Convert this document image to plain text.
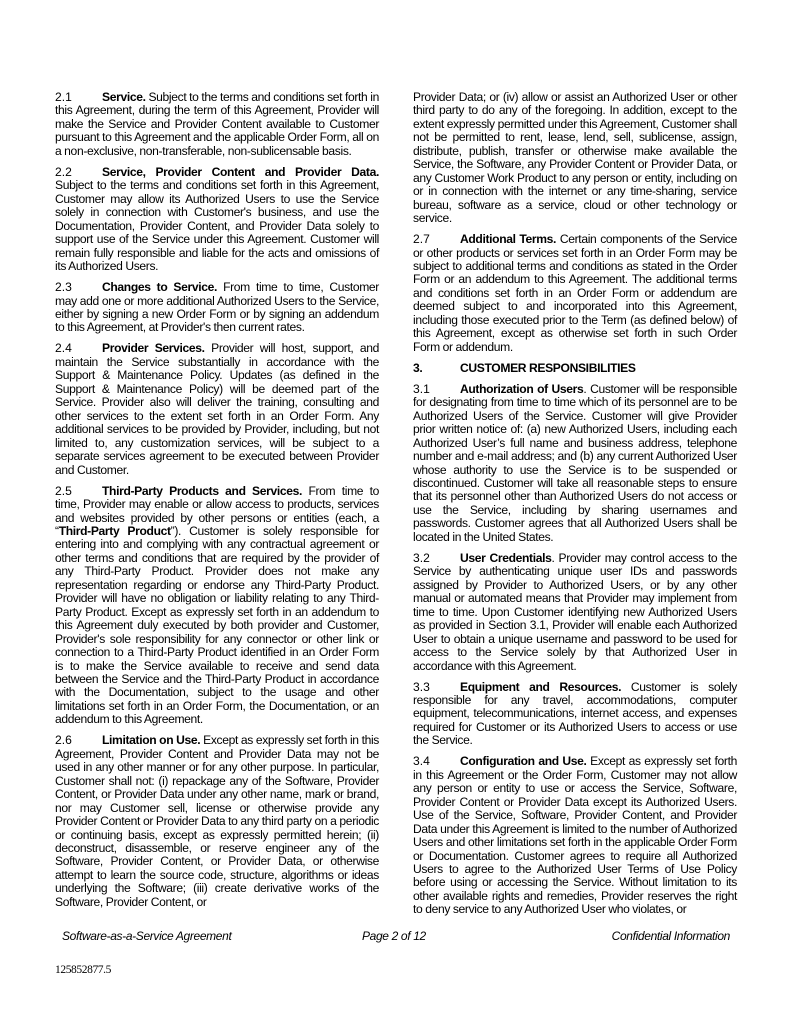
2.1 Service. Subject to the terms and conditions set forth in this Agreement, during the term of this Agreement, Provider will make the Service and Provider Content available to Customer pursuant to this Agreement and the applicable Order Form, all on a non-exclusive, non-transferable, non-sublicensable basis.

2.2 Service, Provider Content and Provider Data. Subject to the terms and conditions set forth in this Agreement, Customer may allow its Authorized Users to use the Service solely in connection with Customer's business, and use the Documentation, Provider Content, and Provider Data solely to support use of the Service under this Agreement. Customer will remain fully responsible and liable for the acts and omissions of its Authorized Users.

2.3 Changes to Service. From time to time, Customer may add one or more additional Authorized Users to the Service, either by signing a new Order Form or by signing an addendum to this Agreement, at Provider's then current rates.

2.4 Provider Services. Provider will host, support, and maintain the Service substantially in accordance with the Support & Maintenance Policy. Updates (as defined in the Support & Maintenance Policy) will be deemed part of the Service. Provider also will deliver the training, consulting and other services to the extent set forth in an Order Form. Any additional services to be provided by Provider, including, but not limited to, any customization services, will be subject to a separate services agreement to be executed between Provider and Customer.

2.5 Third-Party Products and Services. From time to time, Provider may enable or allow access to products, services and websites provided by other persons or entities (each, a “Third-Party Product”). Customer is solely responsible for entering into and complying with any contractual agreement or other terms and conditions that are required by the provider of any Third-Party Product. Provider does not make any representation regarding or endorse any Third-Party Product. Provider will have no obligation or liability relating to any Third-Party Product. Except as expressly set forth in an addendum to this Agreement duly executed by both provider and Customer, Provider's sole responsibility for any connector or other link or connection to a Third-Party Product identified in an Order Form is to make the Service available to receive and send data between the Service and the Third-Party Product in accordance with the Documentation, subject to the usage and other limitations set forth in an Order Form, the Documentation, or an addendum to this Agreement.

2.6 Limitation on Use. Except as expressly set forth in this Agreement, Provider Content and Provider Data may not be used in any other manner or for any other purpose. In particular, Customer shall not: (i) repackage any of the Software, Provider Content, or Provider Data under any other name, mark or brand, nor may Customer sell, license or otherwise provide any Provider Content or Provider Data to any third party on a periodic or continuing basis, except as expressly permitted herein; (ii) deconstruct, disassemble, or reserve engineer any of the Software, Provider Content, or Provider Data, or otherwise attempt to learn the source code, structure, algorithms or ideas underlying the Software; (iii) create derivative works of the Software, Provider Content, or

Provider Data; or (iv) allow or assist an Authorized User or other third party to do any of the foregoing. In addition, except to the extent expressly permitted under this Agreement, Customer shall not be permitted to rent, lease, lend, sell, sublicense, assign, distribute, publish, transfer or otherwise make available the Service, the Software, any Provider Content or Provider Data, or any Customer Work Product to any person or entity, including on or in connection with the internet or any time-sharing, service bureau, software as a service, cloud or other technology or service.

2.7 Additional Terms. Certain components of the Service or other products or services set forth in an Order Form may be subject to additional terms and conditions as stated in the Order Form or an addendum to this Agreement. The additional terms and conditions set forth in an Order Form or addendum are deemed subject to and incorporated into this Agreement, including those executed prior to the Term (as defined below) of this Agreement, except as otherwise set forth in such Order Form or addendum.

3.	CUSTOMER RESPONSIBILITIES

3.1 Authorization of Users. Customer will be responsible for designating from time to time which of its personnel are to be Authorized Users of the Service. Customer will give Provider prior written notice of: (a) new Authorized Users, including each Authorized User’s full name and business address, telephone number and e-mail address; and (b) any current Authorized User whose authority to use the Service is to be suspended or discontinued. Customer will take all reasonable steps to ensure that its personnel other than Authorized Users do not access or use the Service, including by sharing usernames and passwords. Customer agrees that all Authorized Users shall be located in the United States.

3.2 User Credentials. Provider may control access to the Service by authenticating unique user IDs and passwords assigned by Provider to Authorized Users, or by any other manual or automated means that Provider may implement from time to time. Upon Customer identifying new Authorized Users as provided in Section 3.1, Provider will enable each Authorized User to obtain a unique username and password to be used for access to the Service solely by that Authorized User in accordance with this Agreement.

3.3 Equipment and Resources. Customer is solely responsible for any travel, accommodations, computer equipment, telecommunications, internet access, and expenses required for Customer or its Authorized Users to access or use the Service.

3.4 Configuration and Use. Except as expressly set forth in this Agreement or the Order Form, Customer may not allow any person or entity to use or access the Service, Software, Provider Content or Provider Data except its Authorized Users. Use of the Service, Software, Provider Content, and Provider Data under this Agreement is limited to the number of Authorized Users and other limitations set forth in the applicable Order Form or Documentation. Customer agrees to require all Authorized Users to agree to the Authorized User Terms of Use Policy before using or accessing the Service. Without limitation to its other available rights and remedies, Provider reserves the right to deny service to any Authorized User who violates, or

Software-as-a-Service Agreement	Page 2 of 12	Confidential Information
125852877.5
